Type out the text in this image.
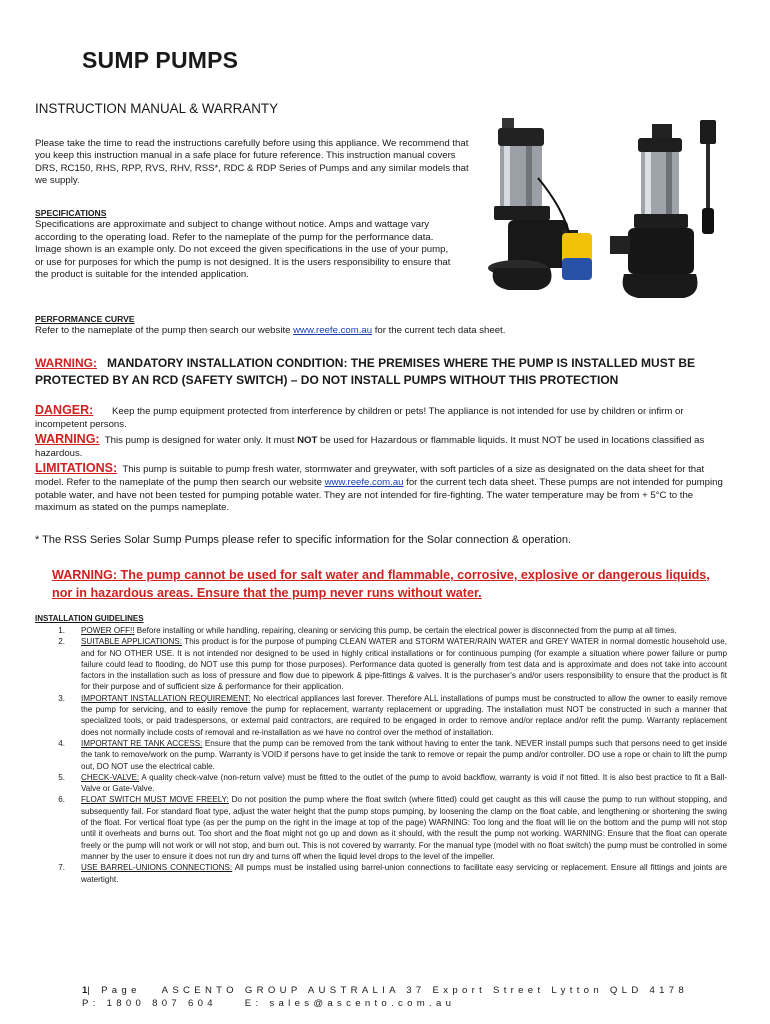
SUMP PUMPS
INSTRUCTION MANUAL & WARRANTY
Please take the time to read the instructions carefully before using this appliance. We recommend that you keep this instruction manual in a safe place for future reference. This instruction manual covers DRS, RC150, RHS, RPP, RVS, RHV, RSS*, RDC & RDP Series of Pumps and any similar models that we supply.
SPECIFICATIONS
Specifications are approximate and subject to change without notice. Amps and wattage vary according to the operating load. Refer to the nameplate of the pump for the performance data. Image shown is an example only. Do not exceed the given specifications in the use of your pump, or use for purposes for which the pump is not designed. It is the users responsibility to ensure that the product is suitable for the intended application.
PERFORMANCE CURVE
Refer to the nameplate of the pump then search our website www.reefe.com.au for the current tech data sheet.
WARNING: MANDATORY INSTALLATION CONDITION: THE PREMISES WHERE THE PUMP IS INSTALLED MUST BE PROTECTED BY AN RCD (SAFETY SWITCH) – DO NOT INSTALL PUMPS WITHOUT THIS PROTECTION
DANGER: Keep the pump equipment protected from interference by children or pets! The appliance is not intended for use by children or infirm or incompetent persons.
WARNING: This pump is designed for water only. It must NOT be used for Hazardous or flammable liquids. It must NOT be used in locations classified as hazardous.
LIMITATIONS: This pump is suitable to pump fresh water, stormwater and greywater, with soft particles of a size as designated on the data sheet for that model. Refer to the nameplate of the pump then search our website www.reefe.com.au for the current tech data sheet. These pumps are not intended for pumping potable water, and have not been tested for pumping potable water. They are not intended for fire-fighting. The water temperature may be from + 5°C to the maximum as stated on the pumps nameplate.
* The RSS Series Solar Sump Pumps please refer to specific information for the Solar connection & operation.
WARNING: The pump cannot be used for salt water and flammable, corrosive, explosive or dangerous liquids, nor in hazardous areas. Ensure that the pump never runs without water.
INSTALLATION GUIDELINES
1. POWER OFF!! Before installing or while handling, repairing, cleaning or servicing this pump, be certain the electrical power is disconnected from the pump at all times.
2. SUITABLE APPLICATIONS: This product is for the purpose of pumping CLEAN WATER and STORM WATER/RAIN WATER and GREY WATER in normal domestic household use, and for NO OTHER USE. It is not intended nor designed to be used in highly critical installations or for continuous pumping (for example a situation where power failure or pump failure could lead to flooding, do NOT use this pump for those purposes). Performance data quoted is generally from test data and is approximate and does not take into account factors in the installation such as loss of pressure and flow due to pipework & pipe-fittings & valves. It is the purchaser’s and/or users responsibility to ensure that the product is fit for their purpose and of sufficient size & performance for their application.
3. IMPORTANT INSTALLATION REQUIREMENT: No electrical appliances last forever. Therefore ALL installations of pumps must be constructed to allow the owner to easily remove the pump for servicing, and to easily remove the pump for replacement, warranty replacement or upgrading. The installation must NOT be constructed in such a manner that specialized tools, or paid tradespersons, or external paid contractors, are required to be engaged in order to remove and/or replace and/or refit the pump. Warranty replacement does not normally include costs of removal and re-installation as we have no control over the method of installation.
4. IMPORTANT RE TANK ACCESS: Ensure that the pump can be removed from the tank without having to enter the tank. NEVER install pumps such that persons need to get inside the tank to remove/work on the pump. Warranty is VOID if persons have to get inside the tank to remove or repair the pump and/or controller. DO use a rope or chain to lift the pump out, DO NOT use the electrical cable.
5. CHECK-VALVE: A quality check-valve (non-return valve) must be fitted to the outlet of the pump to avoid backflow, warranty is void if not fitted. It is also best practice to fit a Ball-Valve or Gate-Valve.
6. FLOAT SWITCH MUST MOVE FREELY: Do not position the pump where the float switch (where fitted) could get caught as this will cause the pump to run without stopping, and subsequently fail. For standard float type, adjust the water height that the pump stops pumping, by loosening the clamp on the float cable, and lengthening or shortening the swing of the float. For vertical float type (as per the pump on the right in the image at top of the page) WARNING: Too long and the float will lie on the bottom and the pump will not stop until it overheats and burns out. Too short and the float might not go up and down as it should, with the result the pump not working. WARNING: Ensure that the float can operate freely or the pump will not work or will not stop, and burn out. This is not covered by warranty. For the manual type (model with no float switch) the pump must be controlled in some manner by the user to ensure it does not run dry and turns off when the liquid level drops to the level of the impeller.
7. USE BARREL-UNIONS CONNECTIONS: All pumps must be installed using barrel-union connections to facilitate easy servicing or replacement. Ensure all fittings and joints are watertight.
1| Page ASCENTO GROUP AUSTRALIA 37 Export Street Lytton QLD 4178
P: 1800 807 604	E: sales@ascento.com.au
